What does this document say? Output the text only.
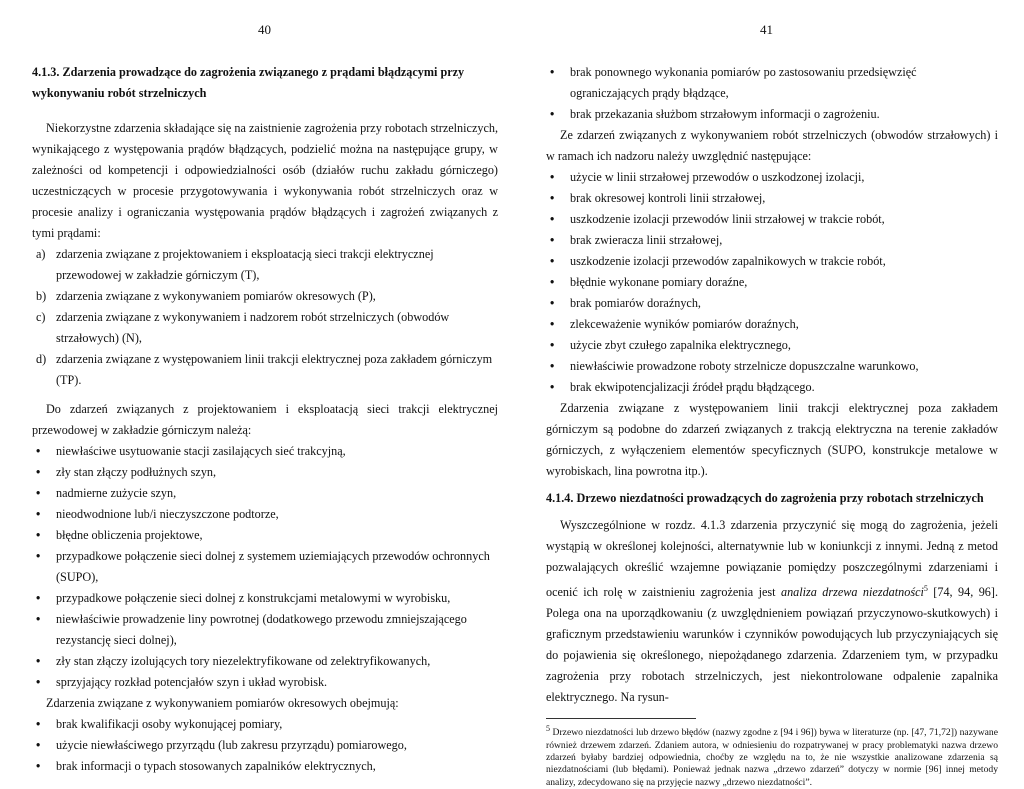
40	41

4.1.3. Zdarzenia prowadzące do zagrożenia związanego z prądami błądzącymi przy wykonywaniu robót strzelniczych

Niekorzystne zdarzenia składające się na zaistnienie zagrożenia przy robotach strzelniczych, wynikającego z występowania prądów błądzących, podzielić można na następujące grupy, w zależności od kompetencji i odpowiedzialności osób (działów ruchu zakładu górniczego) uczestniczących w procesie przygotowywania i wykonywania robót strzelniczych oraz w procesie analizy i ograniczania występowania prądów błądzących i zagrożeń związanych z tymi prądami:

a) zdarzenia związane z projektowaniem i eksploatacją sieci trakcji elektrycznej przewodowej w zakładzie górniczym (T),
b) zdarzenia związane z wykonywaniem pomiarów okresowych (P),
c) zdarzenia związane z wykonywaniem i nadzorem robót strzelniczych (obwodów strzałowych) (N),
d) zdarzenia związane z występowaniem linii trakcji elektrycznej poza zakładem górniczym (TP).

Do zdarzeń związanych z projektowaniem i eksploatacją sieci trakcji elektrycznej przewodowej w zakładzie górniczym należą:

• niewłaściwe usytuowanie stacji zasilających sieć trakcyjną,
• zły stan złączy podłużnych szyn,
• nadmierne zużycie szyn,
• nieodwodnione lub/i nieczyszczone podtorze,
• błędne obliczenia projektowe,
• przypadkowe połączenie sieci dolnej z systemem uziemiających przewodów ochronnych (SUPO),
• przypadkowe połączenie sieci dolnej z konstrukcjami metalowymi w wyrobisku,
• niewłaściwie prowadzenie liny powrotnej (dodatkowego przewodu zmniejszającego rezystancję sieci dolnej),
• zły stan złączy izolujących tory niezelektryfikowane od zelektryfikowanych,
• sprzyjający rozkład potencjałów szyn i układ wyrobisk.

Zdarzenia związane z wykonywaniem pomiarów okresowych obejmują:

• brak kwalifikacji osoby wykonującej pomiary,
• użycie niewłaściwego przyrządu (lub zakresu przyrządu) pomiarowego,
• brak informacji o typach stosowanych zapalników elektrycznych,
• brak ponownego wykonania pomiarów po zastosowaniu przedsięwzięć ograniczających prądy błądzące,
• brak przekazania służbom strzałowym informacji o zagrożeniu.

Ze zdarzeń związanych z wykonywaniem robót strzelniczych (obwodów strzałowych) i w ramach ich nadzoru należy uwzględnić następujące:

• użycie w linii strzałowej przewodów o uszkodzonej izolacji,
• brak okresowej kontroli linii strzałowej,
• uszkodzenie izolacji przewodów linii strzałowej w trakcie robót,
• brak zwieracza linii strzałowej,
• uszkodzenie izolacji przewodów zapalnikowych w trakcie robót,
• błędnie wykonane pomiary doraźne,
• brak pomiarów doraźnych,
• zlekceważenie wyników pomiarów doraźnych,
• użycie zbyt czułego zapalnika elektrycznego,
• niewłaściwie prowadzone roboty strzelnicze dopuszczalne warunkowo,
• brak ekwipotencjalizacji źródeł prądu błądzącego.

Zdarzenia związane z występowaniem linii trakcji elektrycznej poza zakładem górniczym są podobne do zdarzeń związanych z trakcją elektryczna na terenie zakładów górniczych, z wyłączeniem elementów specyficznych (SUPO, konstrukcje metalowe w wyrobiskach, lina powrotna itp.).

4.1.4. Drzewo niezdatności prowadzących do zagrożenia przy robotach strzelniczych

Wyszczególnione w rozdz. 4.1.3 zdarzenia przyczynić się mogą do zagrożenia, jeżeli wystąpią w określonej kolejności, alternatywnie lub w koniunkcji z innymi. Jedną z metod pozwalających określić wzajemne powiązanie pomiędzy poszczególnymi zdarzeniami i ocenić ich rolę w zaistnieniu zagrożenia jest analiza drzewa niezdatności$^5$ [74, 94, 96]. Polega ona na uporządkowaniu (z uwzględnieniem powiązań przyczynowo-skutkowych) i graficznym przedstawieniu warunków i czynników powodujących lub przyczyniających się do pojawienia się określonego, niepożądanego zdarzenia. Zdarzeniem tym, w przypadku zagrożenia przy robotach strzelniczych, jest niekontrolowane odpalenie zapalnika elektrycznego. Na rysun-

$^5$ Drzewo niezdatności lub drzewo błędów (nazwy zgodne z [94 i 96]) bywa w literaturze (np. [47, 71,72]) nazywane również drzewem zdarzeń. Zdaniem autora, w odniesieniu do rozpatrywanej w pracy problematyki nazwa drzewo zdarzeń byłaby bardziej odpowiednia, choćby ze względu na to, że nie wszystkie analizowane zdarzenia są niezdatnościami (lub błędami). Ponieważ jednak nazwa „drzewo zdarzeń” dotyczy w normie [96] innej metody analizy, zdecydowano się na przyjęcie nazwy „drzewo niezdatności”.
